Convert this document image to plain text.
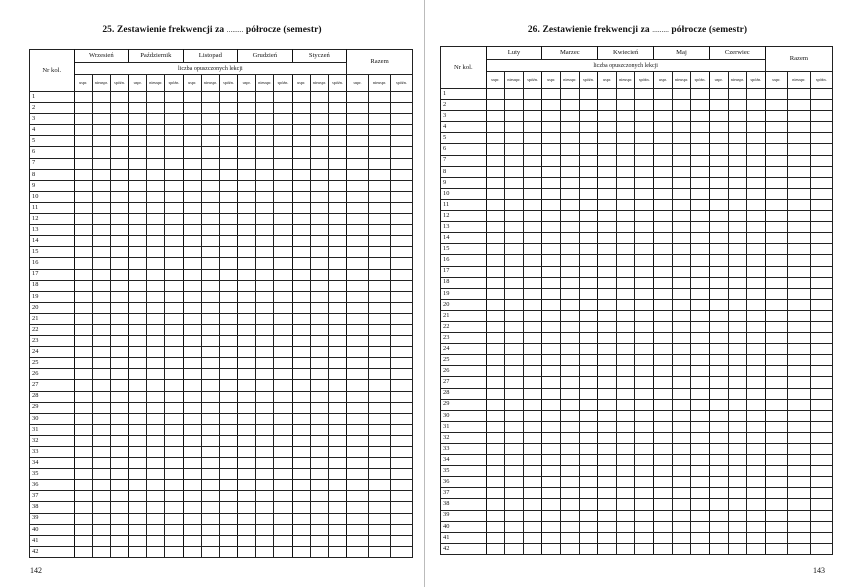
25. Zestawienie frekwencji za ......... półrocze (semestr)
Nr kol.	Wrzesień			Październik			Listopad			Grudzień			Styczeń			Razem		
	liczba opuszczonych lekcji																	
	uspr.	nieuspr.	spóźn.	uspr.	nieuspr.	spóźn.	uspr.	nieuspr.	spóźn.	uspr.	nieuspr.	spóźn.	uspr.	nieuspr.	spóźn.	uspr.	nieuspr.	spóźn.
1																		
2																		
3																		
4																		
5																		
6																		
7																		
8																		
9																		
10																		
11																		
12																		
13																		
14																		
15																		
16																		
17																		
18																		
19																		
20																		
21																		
22																		
23																		
24																		
25																		
26																		
27																		
28																		
29																		
30																		
31																		
32																		
33																		
34																		
35																		
36																		
37																		
38																		
39																		
40																		
41																		
42																		
142
26. Zestawienie frekwencji za ......... półrocze (semestr)
Nr kol.	Luty			Marzec			Kwiecień			Maj			Czerwiec			Razem		
	liczba opuszczonych lekcji																	
	uspr.	nieuspr.	spóźn.	uspr.	nieuspr.	spóźn.	uspr.	nieuspr.	spóźn.	uspr.	nieuspr.	spóźn.	uspr.	nieuspr.	spóźn.	uspr.	nieuspr.	spóźn.
1																		
2																		
3																		
4																		
5																		
6																		
7																		
8																		
9																		
10																		
11																		
12																		
13																		
14																		
15																		
16																		
17																		
18																		
19																		
20																		
21																		
22																		
23																		
24																		
25																		
26																		
27																		
28																		
29																		
30																		
31																		
32																		
33																		
34																		
35																		
36																		
37																		
38																		
39																		
40																		
41																		
42																		
143
